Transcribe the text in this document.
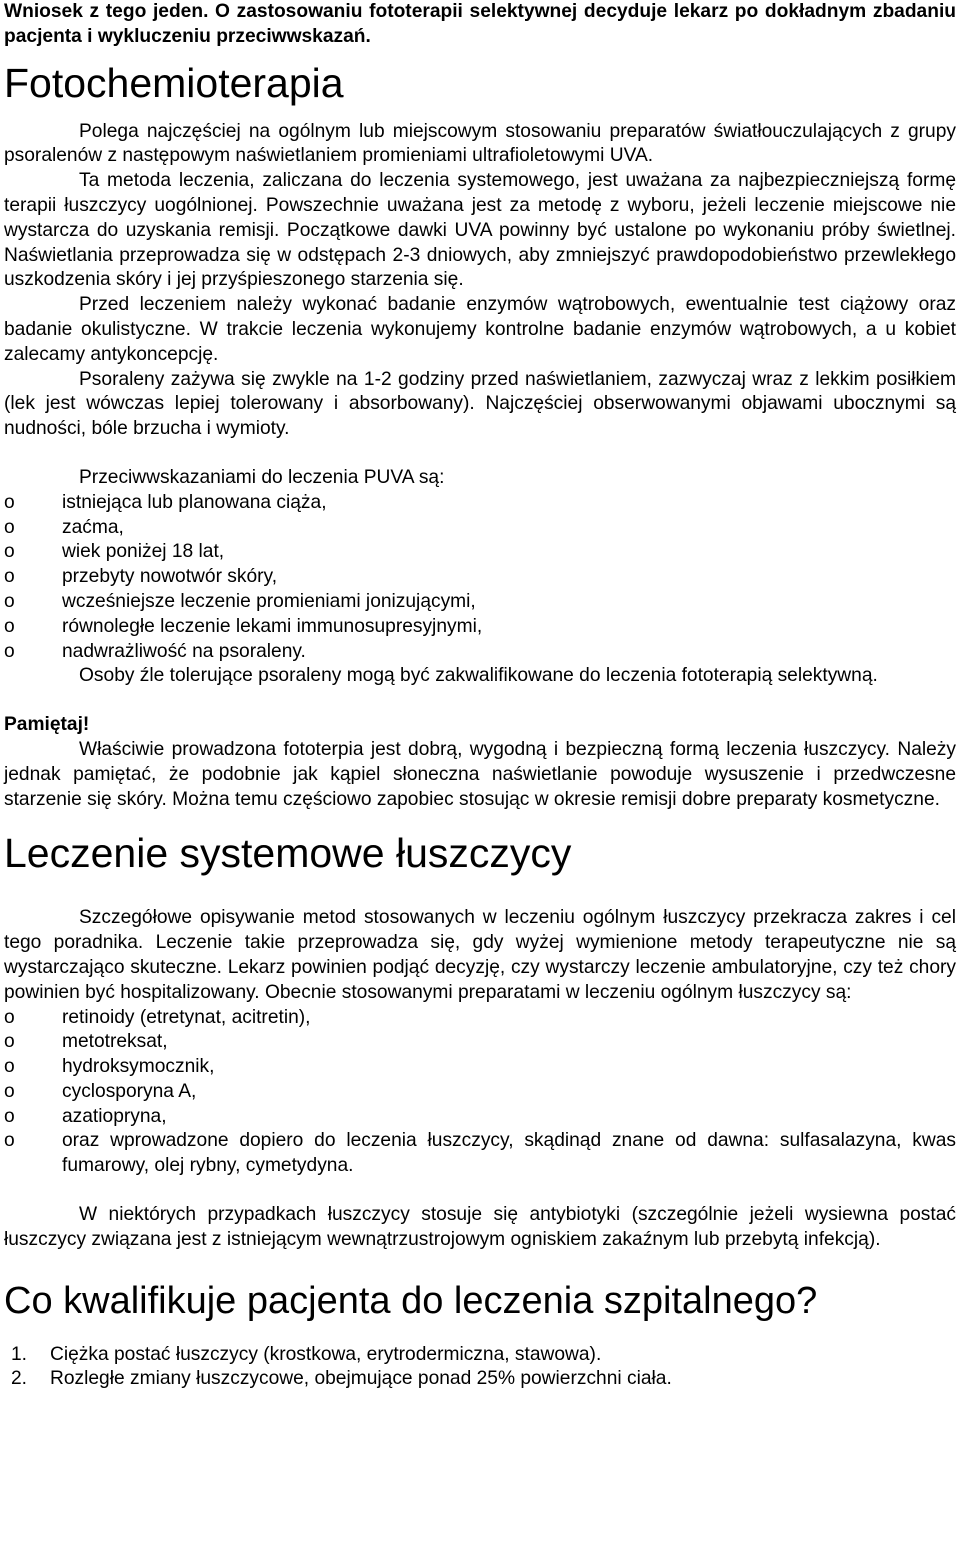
Wniosek z tego jeden. O zastosowaniu fototerapii selektywnej decyduje lekarz po dokładnym zbadaniu pacjenta i wykluczeniu przeciwwskazań.

Fotochemioterapia

Polega najczęściej na ogólnym lub miejscowym stosowaniu preparatów światłouczulających z grupy psoralenów z następowym naświetlaniem promieniami ultrafioletowymi UVA.

Ta metoda leczenia, zaliczana do leczenia systemowego, jest uważana za najbezpieczniejszą formę terapii łuszczycy uogólnionej. Powszechnie uważana jest za metodę z wyboru, jeżeli leczenie miejscowe nie wystarcza do uzyskania remisji. Początkowe dawki UVA powinny być ustalone po wykonaniu próby świetlnej. Naświetlania przeprowadza się w odstępach 2-3 dniowych, aby zmniejszyć prawdopodobieństwo przewlekłego uszkodzenia skóry i jej przyśpieszonego starzenia się.

Przed leczeniem należy wykonać badanie enzymów wątrobowych, ewentualnie test ciążowy oraz badanie okulistyczne. W trakcie leczenia wykonujemy kontrolne badanie enzymów wątrobowych, a u kobiet zalecamy antykoncepcję.

Psoraleny zażywa się zwykle na 1-2 godziny przed naświetlaniem, zazwyczaj wraz z lekkim posiłkiem (lek jest wówczas lepiej tolerowany i absorbowany). Najczęściej obserwowanymi objawami ubocznymi są nudności, bóle brzucha i wymioty.

Przeciwwskazaniami do leczenia PUVA są:

o istniejąca lub planowana ciąża,
o zaćma,
o wiek poniżej 18 lat,
o przebyty nowotwór skóry,
o wcześniejsze leczenie promieniami jonizującymi,
o równoległe leczenie lekami immunosupresyjnymi,
o nadwrażliwość na psoraleny.

Osoby źle tolerujące psoraleny mogą być zakwalifikowane do leczenia fototerapią selektywną.

Pamiętaj!

Właściwie prowadzona fototerpia jest dobrą, wygodną i bezpieczną formą leczenia łuszczycy. Należy jednak pamiętać, że podobnie jak kąpiel słoneczna naświetlanie powoduje wysuszenie i przedwczesne starzenie się skóry. Można temu częściowo zapobiec stosując w okresie remisji dobre preparaty kosmetyczne.

Leczenie systemowe łuszczycy

Szczegółowe opisywanie metod stosowanych w leczeniu ogólnym łuszczycy przekracza zakres i cel tego poradnika. Leczenie takie przeprowadza się, gdy wyżej wymienione metody terapeutyczne nie są wystarczająco skuteczne. Lekarz powinien podjąć decyzję, czy wystarczy leczenie ambulatoryjne, czy też chory powinien być hospitalizowany. Obecnie stosowanymi preparatami w leczeniu ogólnym łuszczycy są:

o retinoidy (etretynat, acitretin),
o metotreksat,
o hydroksymocznik,
o cyclosporyna A,
o azatiopryna,
o oraz wprowadzone dopiero do leczenia łuszczycy, skądinąd znane od dawna: sulfasalazyna, kwas fumarowy, olej rybny, cymetydyna.

W niektórych przypadkach łuszczycy stosuje się antybiotyki (szczególnie jeżeli wysiewna postać łuszczycy związana jest z istniejącym wewnątrzustrojowym ogniskiem zakaźnym lub przebytą infekcją).

Co kwalifikuje pacjenta do leczenia szpitalnego?
1. Ciężka postać łuszczycy (krostkowa, erytrodermiczna, stawowa).
2. Rozległe zmiany łuszczycowe, obejmujące ponad 25% powierzchni ciała.
